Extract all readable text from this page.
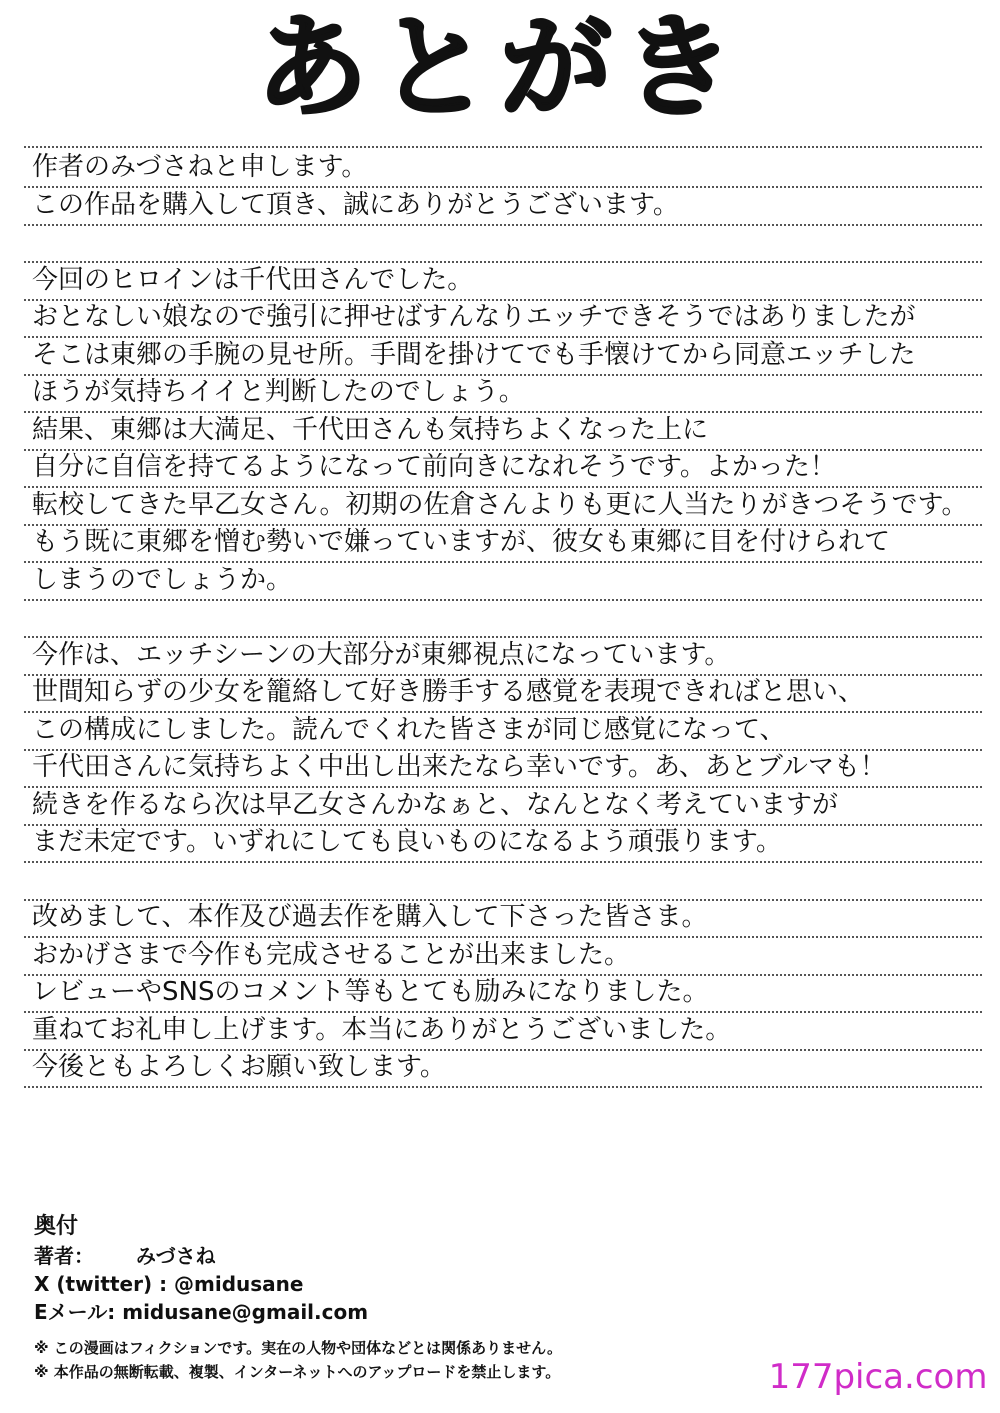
あとがき
作者のみづさねと申します。
この作品を購入して頂き、誠にありがとうございます。
今回のヒロインは千代田さんでした。
おとなしい娘なので強引に押せばすんなりエッチできそうではありましたが
そこは東郷の手腕の見せ所。手間を掛けてでも手懐けてから同意エッチした
ほうが気持ちイイと判断したのでしょう。
結果、東郷は大満足、千代田さんも気持ちよくなった上に
自分に自信を持てるようになって前向きになれそうです。よかった！
転校してきた早乙女さん。初期の佐倉さんよりも更に人当たりがきつそうです。
もう既に東郷を憎む勢いで嫌っていますが、彼女も東郷に目を付けられて
しまうのでしょうか。
今作は、エッチシーンの大部分が東郷視点になっています。
世間知らずの少女を籠絡して好き勝手する感覚を表現できればと思い、
この構成にしました。読んでくれた皆さまが同じ感覚になって、
千代田さんに気持ちよく中出し出来たなら幸いです。あ、あとブルマも！
続きを作るなら次は早乙女さんかなぁと、なんとなく考えていますが
まだ未定です。いずれにしても良いものになるよう頑張ります。
改めまして、本作及び過去作を購入して下さった皆さま。
おかげさまで今作も完成させることが出来ました。
レビューやSNSのコメント等もとても励みになりました。
重ねてお礼申し上げます。本当にありがとうございました。
今後ともよろしくお願い致します。
奥付
著者： みづさね
X (twitter) : @midusane
Eメール: midusane@gmail.com
※ この漫画はフィクションです。実在の人物や団体などとは関係ありません。
※ 本作品の無断転載、複製、インターネットへのアップロードを禁止します。	177pica.com
